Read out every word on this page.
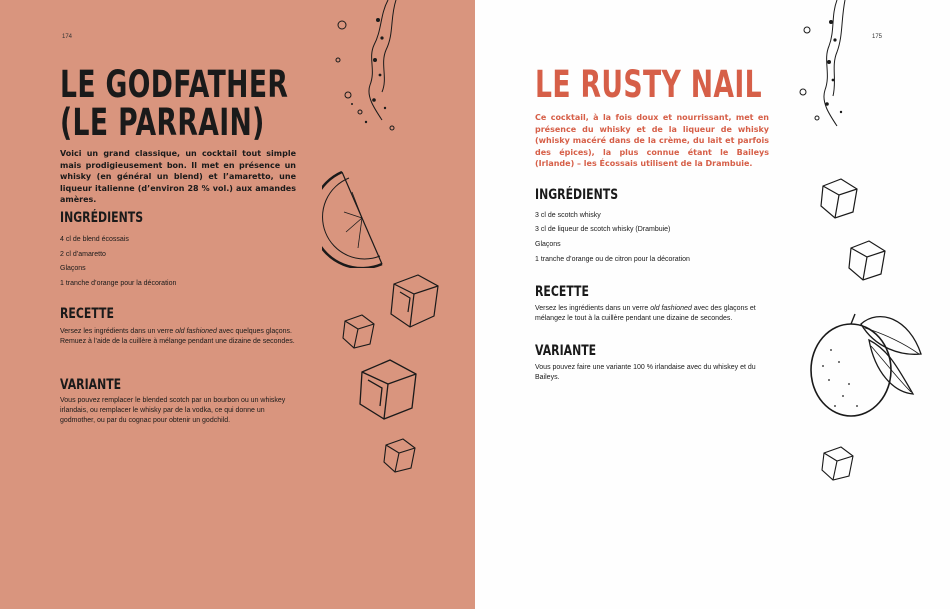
174
LE GODFATHER
(LE PARRAIN)

Voici un grand classique, un cocktail tout simple mais prodigieusement bon. Il met en présence un whisky (en général un blend) et l’amaretto, une liqueur italienne (d’environ 28 % vol.) aux amandes amères.

INGRÉDIENTS

4 cl de blend écossais

2 cl d’amaretto

Glaçons

1 tranche d’orange pour la décoration

RECETTE

Versez les ingrédients dans un verre old fashioned avec quelques glaçons. Remuez à l’aide de la cuillère à mélange pendant une dizaine de secondes.

VARIANTE

Vous pouvez remplacer le blended scotch par un bourbon ou un whiskey irlandais, ou remplacer le whisky par de la vodka, ce qui donne un godmother, ou par du cognac pour obtenir un godchild.

175
LE RUSTY NAIL

Ce cocktail, à la fois doux et nourrissant, met en présence du whisky et de la liqueur de whisky (whisky macéré dans de la crème, du lait et parfois des épices), la plus connue étant le Baileys (Irlande) – les Écossais utilisent de la Drambuie.

INGRÉDIENTS

3 cl de scotch whisky

3 cl de liqueur de scotch whisky (Drambuie)

Glaçons

1 tranche d’orange ou de citron pour la décoration

RECETTE

Versez les ingrédients dans un verre old fashioned avec des glaçons et mélangez le tout à la cuillère pendant une dizaine de secondes.

VARIANTE

Vous pouvez faire une variante 100 % irlandaise avec du whiskey et du Baileys.
